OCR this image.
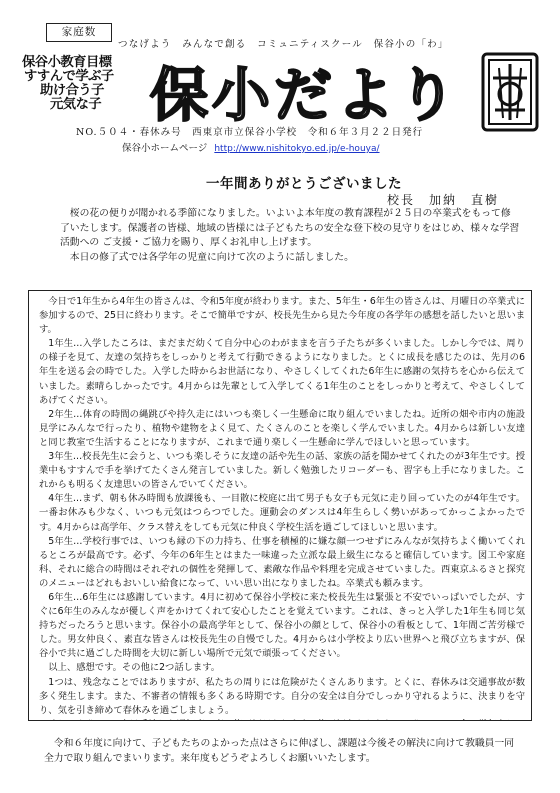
家庭数
つなげよう　みんなで創る　コミュニティスクール　保谷小の「わ」
保谷小教育目標
すすんで学ぶ子
助け合う子
元気な子 保小だより
NO.５０４・春休み号　西東京市立保谷小学校　令和６年３月２２日発行
保谷小ホームページ http://www.nishitokyo.ed.jp/e-houya/
一年間ありがとうございました
校長　加納　直樹

桜の花の便りが聞かれる季節になりました。いよいよ本年度の教育課程が２５日の卒業式をもって修了いたします。保護者の皆様、地域の皆様には子どもたちの安全な登下校の見守りをはじめ、様々な学習活動への ご支援・ご協力を賜り、厚くお礼申し上げます。

本日の修了式では各学年の児童に向けて次のように話しました。

今日で1年生から4年生の皆さんは、令和5年度が終わります。また、5年生・6年生の皆さんは、月曜日の卒業式に参加するので、25日に終わります。そこで簡単ですが、校長先生から見た今年度の各学年の感想を話したいと思います。

1年生…入学したころは、まだまだ幼くて自分中心のわがままを言う子たちが多くいました。しかし今では、周りの様子を見て、友達の気持ちをしっかりと考えて行動できるようになりました。とくに成長を感じたのは、先月の6年生を送る会の時でした。入学した時からお世話になり、やさしくしてくれた6年生に感謝の気持ちを心から伝えていました。素晴らしかったです。4月からは先輩として入学してくる1年生のことをしっかりと考えて、やさしくしてあげてください。

2年生…体育の時間の縄跳びや持久走にはいつも楽しく一生懸命に取り組んでいましたね。近所の畑や市内の施設見学にみんなで行ったり、植物や建物をよく見て、たくさんのことを楽しく学んでいました。4月からは新しい友達と同じ教室で生活することになりますが、これまで通り楽しく一生懸命に学んでほしいと思っています。

3年生…校長先生に会うと、いつも楽しそうに友達の話や先生の話、家族の話を聞かせてくれたのが3年生です。授業中もすすんで手を挙げてたくさん発言していました。新しく勉強したリコーダーも、習字も上手になりました。これからも明るく友達思いの皆さんでいてください。

4年生…まず、朝も休み時間も放課後も、一目散に校庭に出て男子も女子も元気に走り回っていたのが4年生です。一番お休みも少なく、いつも元気はつらつでした。運動会のダンスは4年生らしく勢いがあってかっこよかったです。4月からは高学年、クラス替えをしても元気に仲良く学校生活を過ごしてほしいと思います。

5年生…学校行事では、いつも縁の下の力持ち、仕事を積極的に嫌な顔一つせずにみんなが気持ちよく働いてくれるところが最高です。必ず、今年の6年生とはまた一味違った立派な最上級生になると確信しています。図工や家庭科、それに総合の時間はそれぞれの個性を発揮して、素敵な作品や料理を完成させていました。西東京ふるさと探究のメニューはどれもおいしい給食になって、いい思い出になりましたね。卒業式も頼みます。

6年生…6年生には感謝しています。4月に初めて保谷小学校に来た校長先生は緊張と不安でいっぱいでしたが、すぐに6年生のみんなが優しく声をかけてくれて安心したことを覚えています。これは、きっと入学した1年生も同じ気持ちだったろうと思います。保谷小の最高学年として、保谷小の顔として、保谷小の看板として、1年間ご苦労様でした。男女仲良く、素直な皆さんは校長先生の自慢でした。4月からは小学校より広い世界へと飛び立ちますが、保谷小で共に過ごした時間を大切に新しい場所で元気で頑張ってください。

以上、感想です。その他に2つ話します。

1つは、残念なことではありますが、私たちの周りには危険がたくさんあります。とくに、春休みは交通事故が数多く発生します。また、不審者の情報も多くある時期です。自分の安全は自分でしっかり守れるように、決まりを守り、気を引き締めて春休みを過ごしましょう。

令和６年度に向けて、子どもたちのよかった点はさらに伸ばし、課題は今後その解決に向けて教職員一同全力で取り組んでまいります。来年度もどうぞよろしくお願いいたします。
